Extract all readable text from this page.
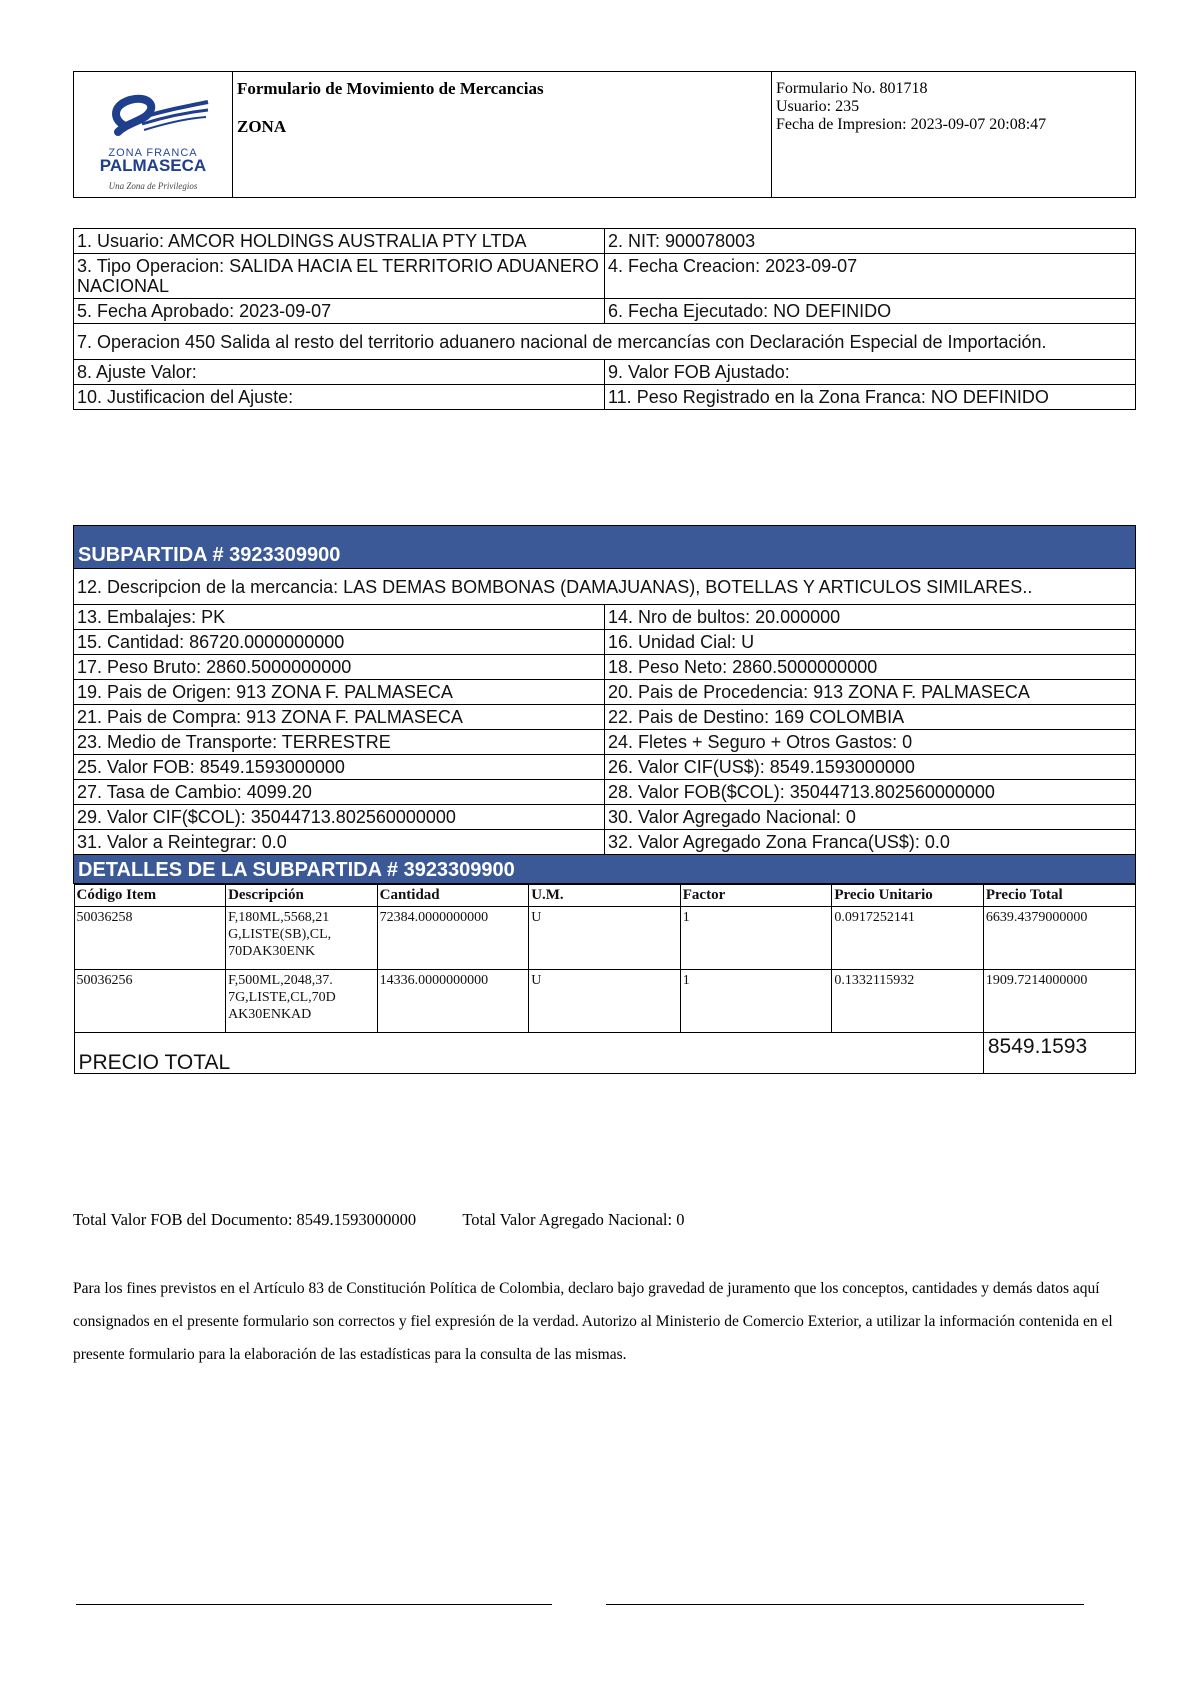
ZONA FRANCA
PALMASECA
Una Zona de Privilegios

Formulario de Movimiento de Mercancias
ZONA

Formulario No. 801718
Usuario: 235
Fecha de Impresion: 2023-09-07 20:08:47
1. Usuario: AMCOR HOLDINGS AUSTRALIA PTY LTDA	2. NIT: 900078003
3. Tipo Operacion: SALIDA HACIA EL TERRITORIO ADUANERO NACIONAL	4. Fecha Creacion: 2023-09-07
5. Fecha Aprobado: 2023-09-07	6. Fecha Ejecutado: NO DEFINIDO
7. Operacion 450 Salida al resto del territorio aduanero nacional de mercancías con Declaración Especial de Importación.	
8. Ajuste Valor:	9. Valor FOB Ajustado:
10. Justificacion del Ajuste:	11. Peso Registrado en la Zona Franca: NO DEFINIDO
SUBPARTIDA # 3923309900
12. Descripcion de la mercancia: LAS DEMAS BOMBONAS (DAMAJUANAS), BOTELLAS Y ARTICULOS SIMILARES..
13. Embalajes: PK	14. Nro de bultos: 20.000000
15. Cantidad: 86720.0000000000	16. Unidad Cial: U
17. Peso Bruto: 2860.5000000000	18. Peso Neto: 2860.5000000000
19. Pais de Origen: 913 ZONA F. PALMASECA	20. Pais de Procedencia: 913 ZONA F. PALMASECA
21. Pais de Compra: 913 ZONA F. PALMASECA	22. Pais de Destino: 169 COLOMBIA
23. Medio de Transporte: TERRESTRE	24. Fletes + Seguro + Otros Gastos: 0
25. Valor FOB: 8549.1593000000	26. Valor CIF(US$): 8549.1593000000
27. Tasa de Cambio: 4099.20	28. Valor FOB($COL): 35044713.802560000000
29. Valor CIF($COL): 35044713.802560000000	30. Valor Agregado Nacional: 0
31. Valor a Reintegrar: 0.0	32. Valor Agregado Zona Franca(US$): 0.0
DETALLES DE LA SUBPARTIDA # 3923309900

Código Item	Descripción	Cantidad	U.M.	Factor	Precio Unitario	Precio Total
50036258	F,180ML,5568,21 G,LISTE(SB),CL, 70DAK30ENK	72384.0000000000	U	1	0.0917252141	6639.4379000000
50036256	F,500ML,2048,37. 7G,LISTE,CL,70D AK30ENKAD	14336.0000000000	U	1	0.1332115932	1909.7214000000
PRECIO TOTAL	8549.1593
Total Valor FOB del Documento: 8549.1593000000	Total Valor Agregado Nacional: 0
Para los fines previstos en el Artículo 83 de Constitución Política de Colombia, declaro bajo gravedad de juramento que los conceptos, cantidades y demás datos aquí consignados en el presente formulario son correctos y fiel expresión de la verdad. Autorizo al Ministerio de Comercio Exterior, a utilizar la información contenida en el presente formulario para la elaboración de las estadísticas para la consulta de las mismas.
